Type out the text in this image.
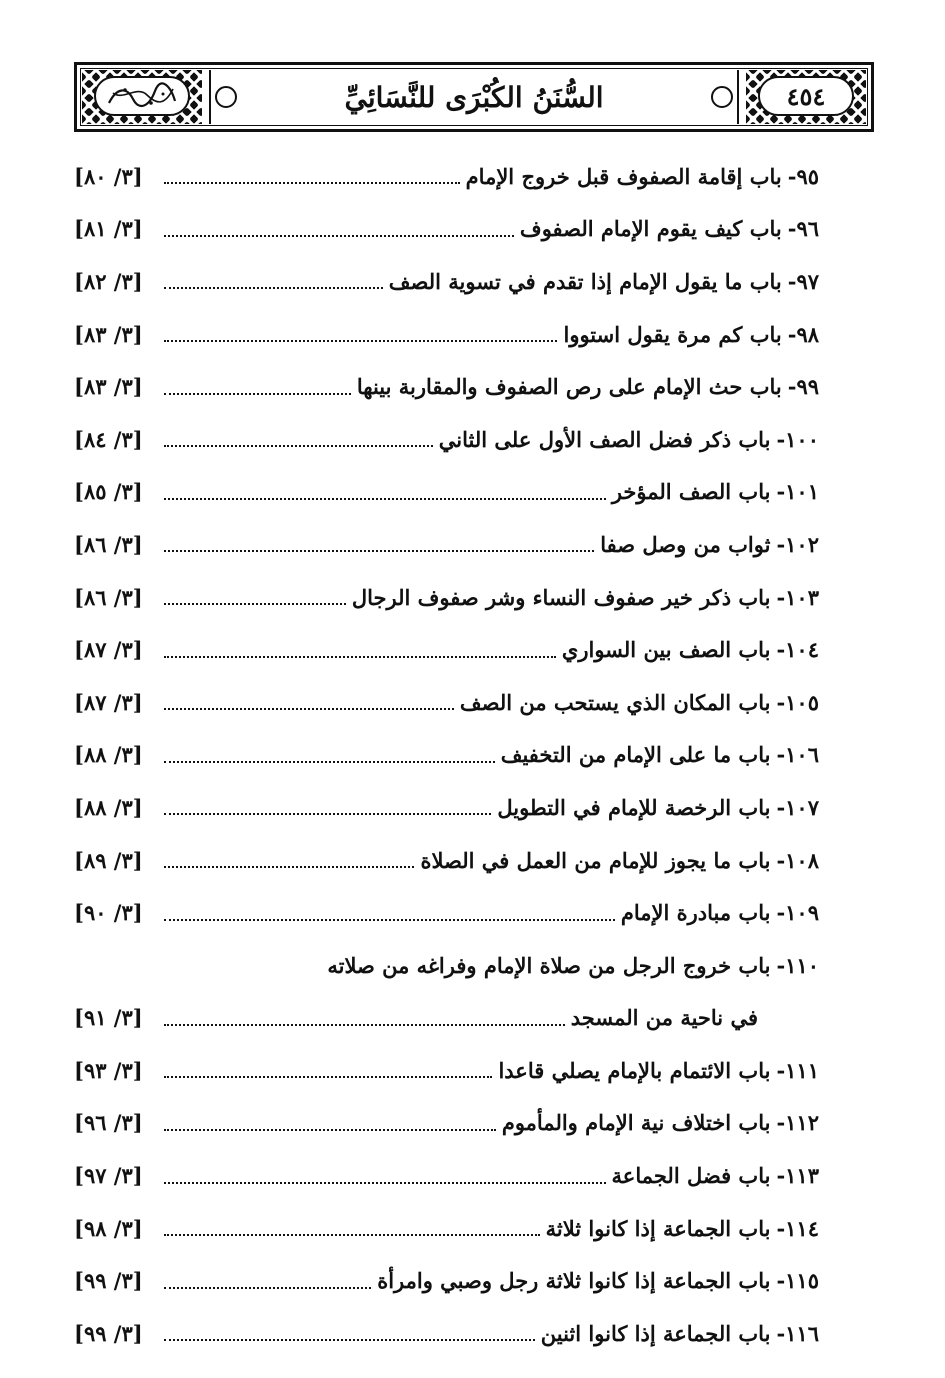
٤٥٤
السُّنَنُ الكُبْرَى للنَّسَائِيِّ
٩٥-
باب إقامة الصفوف قبل خروج الإمام
[٣/ ٨٠]
٩٦-
باب كيف يقوم الإمام الصفوف
[٣/ ٨١]
٩٧-
باب ما يقول الإمام إذا تقدم في تسوية الصف
[٣/ ٨٢]
٩٨-
باب كم مرة يقول استووا
[٣/ ٨٣]
٩٩-
باب حث الإمام على رص الصفوف والمقاربة بينها
[٣/ ٨٣]
١٠٠-
باب ذكر فضل الصف الأول على الثاني
[٣/ ٨٤]
١٠١-
باب الصف المؤخر
[٣/ ٨٥]
١٠٢-
ثواب من وصل صفا
[٣/ ٨٦]
١٠٣-
باب ذكر خير صفوف النساء وشر صفوف الرجال
[٣/ ٨٦]
١٠٤-
باب الصف بين السواري
[٣/ ٨٧]
١٠٥-
باب المكان الذي يستحب من الصف
[٣/ ٨٧]
١٠٦-
باب ما على الإمام من التخفيف
[٣/ ٨٨]
١٠٧-
باب الرخصة للإمام في التطويل
[٣/ ٨٨]
١٠٨-
باب ما يجوز للإمام من العمل في الصلاة
[٣/ ٨٩]
١٠٩-
باب مبادرة الإمام
[٣/ ٩٠]
١١٠-
باب خروج الرجل من صلاة الإمام وفراغه من صلاته
في ناحية من المسجد
[٣/ ٩١]
١١١-
باب الائتمام بالإمام يصلي قاعدا
[٣/ ٩٣]
١١٢-
باب اختلاف نية الإمام والمأموم
[٣/ ٩٦]
١١٣-
باب فضل الجماعة
[٣/ ٩٧]
١١٤-
باب الجماعة إذا كانوا ثلاثة
[٣/ ٩٨]
١١٥-
باب الجماعة إذا كانوا ثلاثة رجل وصبي وامرأة
[٣/ ٩٩]
١١٦-
باب الجماعة إذا كانوا اثنين
[٣/ ٩٩]
